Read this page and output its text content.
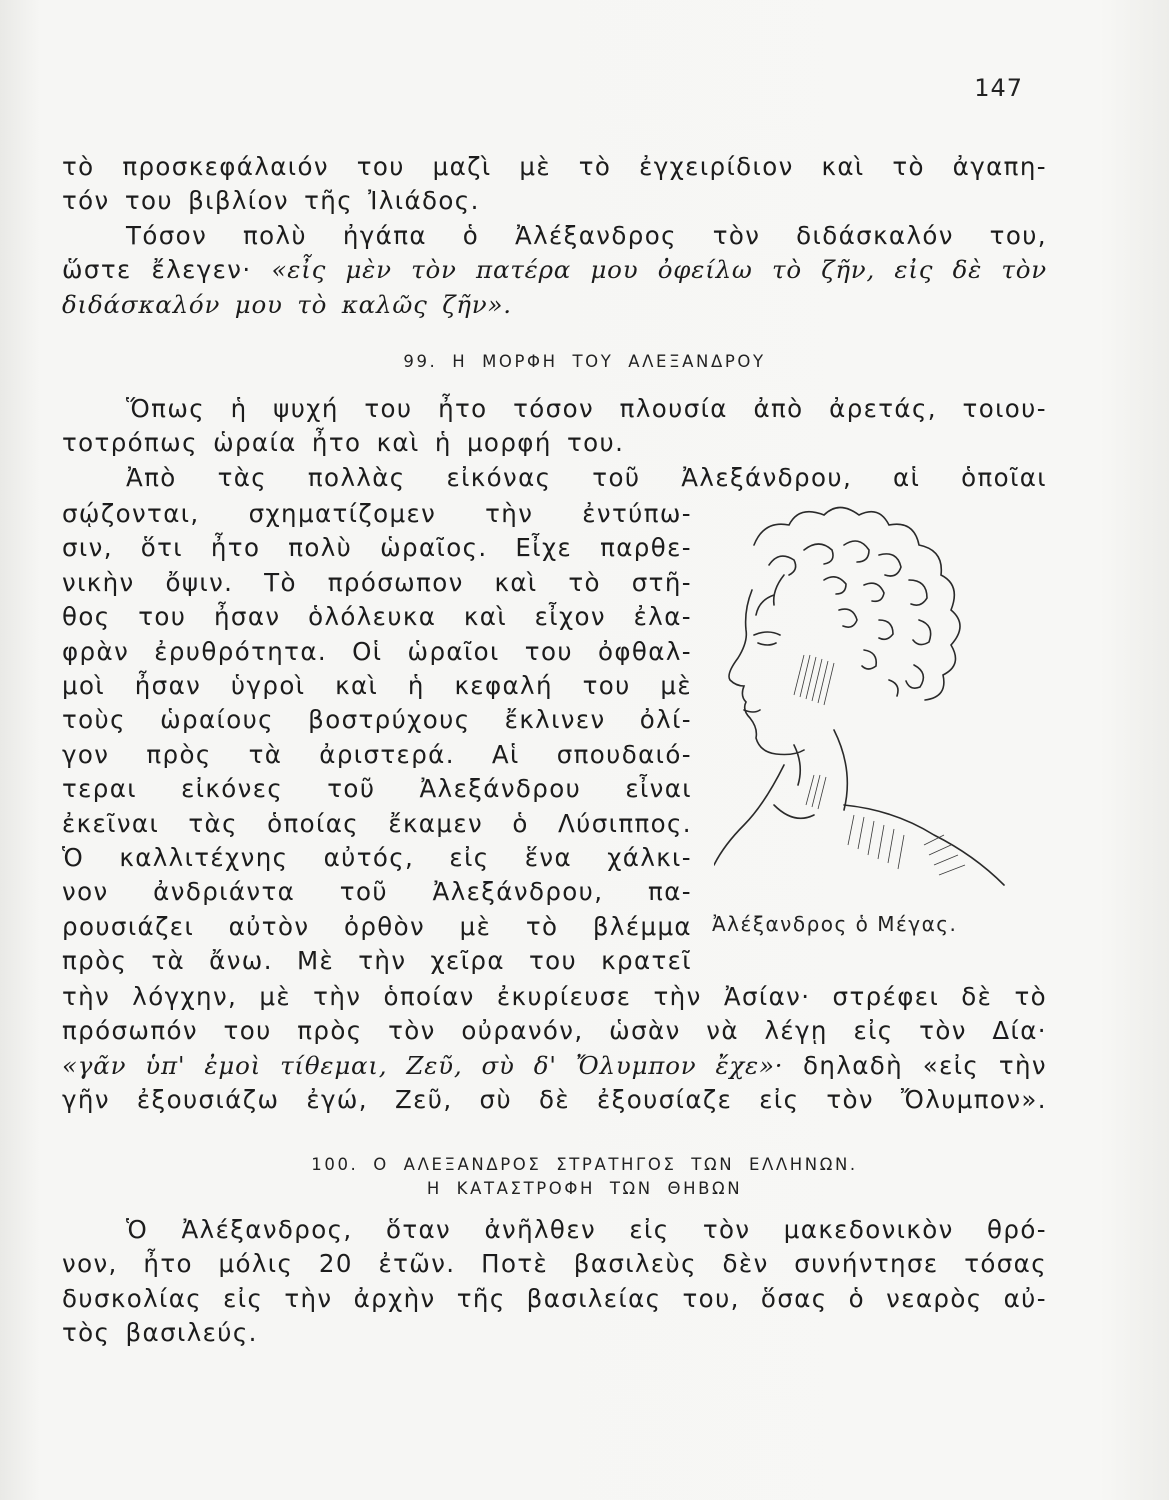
147
τὸ προσκεφάλαιόν του μαζὶ μὲ τὸ ἐγχειρίδιον καὶ τὸ ἀγαπη-
τόν του βιβλίον τῆς Ἰλιάδος.
Τόσον πολὺ ἠγάπα ὁ Ἀλέξανδρος τὸν διδάσκαλόν του,
ὥστε ἔλεγεν· «εἶς μὲν τὸν πατέρα μου ὀφείλω τὸ ζῆν, εἰς δὲ τὸν
διδάσκαλόν μου τὸ καλῶς ζῆν».
99. Η ΜΟΡΦΗ ΤΟΥ ΑΛΕΞΑΝΔΡΟΥ
Ὅπως ἡ ψυχή του ἦτο τόσον πλουσία ἀπὸ ἀρετάς, τοιου-
τοτρόπως ὡραία ἦτο καὶ ἡ μορφή του.
Ἀπὸ τὰς πολλὰς εἰκόνας τοῦ Ἀλεξάνδρου, αἱ ὁποῖαι
σῴζονται, σχηματίζομεν τὴν ἐντύπω-
σιν, ὅτι ἦτο πολὺ ὡραῖος. Εἶχε παρθε-
νικὴν ὄψιν. Τὸ πρόσωπον καὶ τὸ στῆ-
θος του ἦσαν ὁλόλευκα καὶ εἶχον ἐλα-
φρὰν ἐρυθρότητα. Οἱ ὡραῖοι του ὀφθαλ-
μοὶ ἦσαν ὑγροὶ καὶ ἡ κεφαλή του μὲ
τοὺς ὡραίους βοστρύχους ἔκλινεν ὀλί-
γον πρὸς τὰ ἀριστερά. Αἱ σπουδαιό-
τεραι εἰκόνες τοῦ Ἀλεξάνδρου εἶναι
ἐκεῖναι τὰς ὁποίας ἔκαμεν ὁ Λύσιππος.
Ὁ καλλιτέχνης αὐτός, εἰς ἕνα χάλκι-
νον ἀνδριάντα τοῦ Ἀλεξάνδρου, πα-
ρουσιάζει αὐτὸν ὀρθὸν μὲ τὸ βλέμμα
πρὸς τὰ ἄνω. Μὲ τὴν χεῖρα του κρατεῖ
Ἀλέξανδρος ὁ Μέγας.
τὴν λόγχην, μὲ τὴν ὁποίαν ἐκυρίευσε τὴν Ἀσίαν· στρέφει δὲ τὸ
πρόσωπόν του πρὸς τὸν οὐρανόν, ὡσὰν νὰ λέγῃ εἰς τὸν Δία·
«γᾶν ὑπ' ἐμοὶ τίθεμαι, Ζεῦ, σὺ δ' Ὄλυμπον ἔχε»· δηλαδὴ «εἰς τὴν
γῆν ἐξουσιάζω ἐγώ, Ζεῦ, σὺ δὲ ἐξουσίαζε εἰς τὸν Ὄλυμπον».
100. Ο ΑΛΕΞΑΝΔΡΟΣ ΣΤΡΑΤΗΓΟΣ ΤΩΝ ΕΛΛΗΝΩΝ.
Η ΚΑΤΑΣΤΡΟΦΗ ΤΩΝ ΘΗΒΩΝ
Ὁ Ἀλέξανδρος, ὅταν ἀνῆλθεν εἰς τὸν μακεδονικὸν θρό-
νον, ἦτο μόλις 20 ἐτῶν. Ποτὲ βασιλεὺς δὲν συνήντησε τόσας
δυσκολίας εἰς τὴν ἀρχὴν τῆς βασιλείας του, ὅσας ὁ νεαρὸς αὐ-
τὸς βασιλεύς.
